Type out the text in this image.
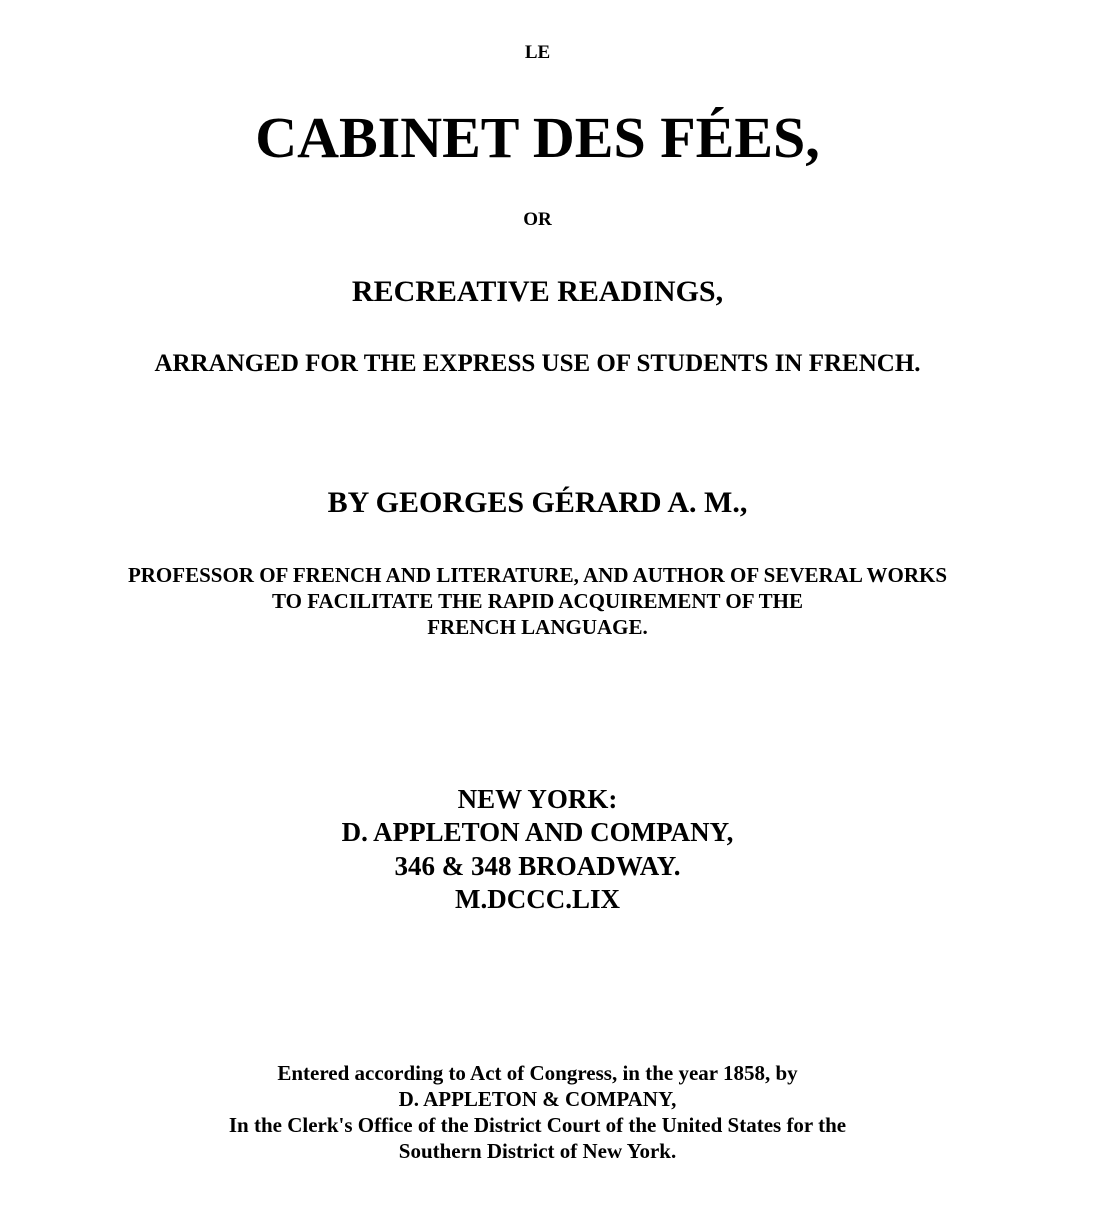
LE
CABINET DES FÉES,
OR
RECREATIVE READINGS,
ARRANGED FOR THE EXPRESS USE OF STUDENTS IN FRENCH.
BY GEORGES GÉRARD A. M.,
PROFESSOR OF FRENCH AND LITERATURE, AND AUTHOR OF SEVERAL WORKS
TO FACILITATE THE RAPID ACQUIREMENT OF THE
FRENCH LANGUAGE.
NEW YORK:
D. APPLETON AND COMPANY,
346 & 348 BROADWAY.
M.DCCC.LIX
Entered according to Act of Congress, in the year 1858, by
D. APPLETON & COMPANY,
In the Clerk's Office of the District Court of the United States for the
Southern District of New York.
